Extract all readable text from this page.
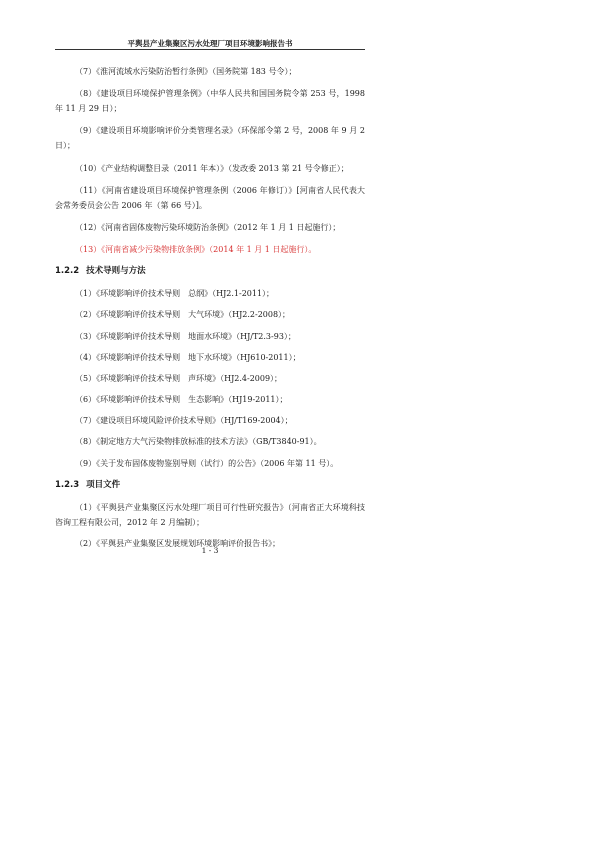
平舆县产业集聚区污水处理厂项目环境影响报告书

（7）《淮河流域水污染防治暂行条例》（国务院第 183 号令）；

（8）《建设项目环境保护管理条例》（中华人民共和国国务院令第 253 号，1998 年 11 月 29 日）；

（9）《建设项目环境影响评价分类管理名录》（环保部令第 2 号，2008 年 9 月 2 日）；

（10）《产业结构调整目录（2011 年本）》（发改委 2013 第 21 号令修正）；

（11）《河南省建设项目环境保护管理条例（2006 年修订）》[河南省人民代表大会常务委员会公告 2006 年（第 66 号）]。

（12）《河南省固体废物污染环境防治条例》（2012 年 1 月 1 日起施行）；

（13）《河南省减少污染物排放条例》（2014 年 1 月 1 日起施行）。

1.2.2 技术导则与方法

（1）《环境影响评价技术导则　总纲》（HJ2.1-2011）；

（2）《环境影响评价技术导则　大气环境》（HJ2.2-2008）；

（3）《环境影响评价技术导则　地面水环境》（HJ/T2.3-93）；

（4）《环境影响评价技术导则　地下水环境》（HJ610-2011）；

（5）《环境影响评价技术导则　声环境》（HJ2.4-2009）；

（6）《环境影响评价技术导则　生态影响》（HJ19-2011）；

（7）《建设项目环境风险评价技术导则》（HJ/T169-2004）；

（8）《制定地方大气污染物排放标准的技术方法》（GB/T3840-91）。

（9）《关于发布固体废物鉴别导则（试行）的公告》（2006 年第 11 号）。

1.2.3 项目文件

（1）《平舆县产业集聚区污水处理厂项目可行性研究报告》（河南省正大环境科技咨询工程有限公司，2012 年 2 月编制）；

（2）《平舆县产业集聚区发展规划环境影响评价报告书》；

1 - 3
